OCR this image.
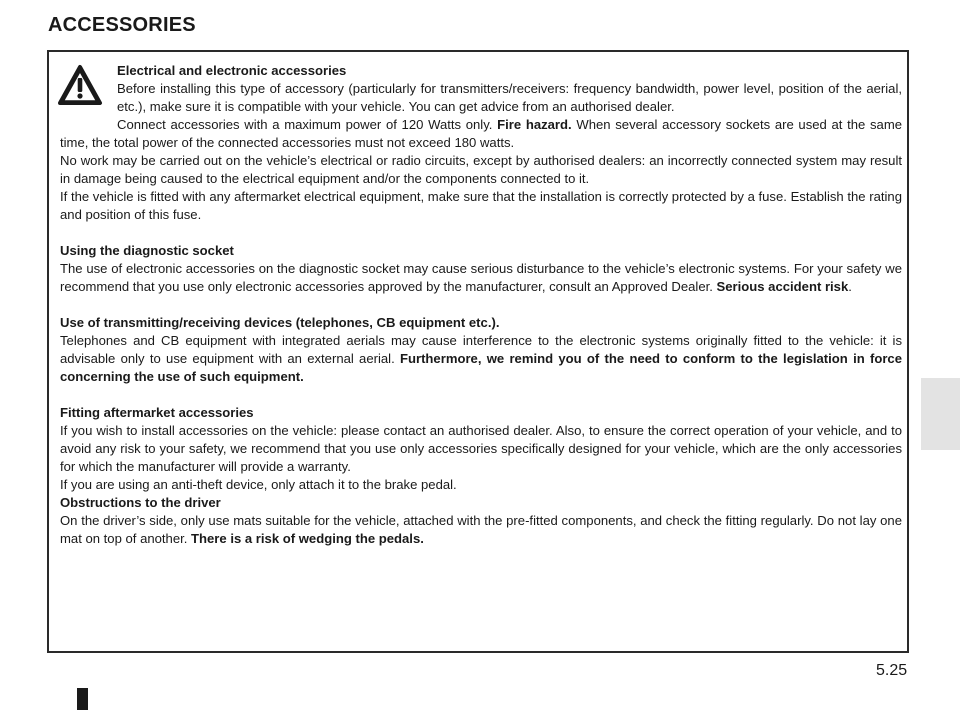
ACCESSORIES

Electrical and electronic accessories

Before installing this type of accessory (particularly for transmitters/receivers: frequency bandwidth, power level, position of the aerial, etc.), make sure it is compatible with your vehicle. You can get advice from an authorised dealer.

Connect accessories with a maximum power of 120 Watts only. Fire hazard. When several accessory sockets are used at the same time, the total power of the connected accessories must not exceed 180 watts.

No work may be carried out on the vehicle’s electrical or radio circuits, except by authorised dealers: an incorrectly connected system may result in damage being caused to the electrical equipment and/or the components connected to it.

If the vehicle is fitted with any aftermarket electrical equipment, make sure that the installation is correctly protected by a fuse. Establish the rating and position of this fuse.

Using the diagnostic socket

The use of electronic accessories on the diagnostic socket may cause serious disturbance to the vehicle’s electronic systems. For your safety we recommend that you use only electronic accessories approved by the manufacturer, consult an Approved Dealer. Serious accident risk.

Use of transmitting/receiving devices (telephones, CB equipment etc.).

Telephones and CB equipment with integrated aerials may cause interference to the electronic systems originally fitted to the vehicle: it is advisable only to use equipment with an external aerial. Furthermore, we remind you of the need to conform to the legislation in force concerning the use of such equipment.

Fitting aftermarket accessories

If you wish to install accessories on the vehicle: please contact an authorised dealer. Also, to ensure the correct operation of your vehicle, and to avoid any risk to your safety, we recommend that you use only accessories specifically designed for your vehicle, which are the only accessories for which the manufacturer will provide a warranty.

If you are using an anti-theft device, only attach it to the brake pedal.

Obstructions to the driver

On the driver’s side, only use mats suitable for the vehicle, attached with the pre-fitted components, and check the fitting regularly. Do not lay one mat on top of another. There is a risk of wedging the pedals.

5.25
